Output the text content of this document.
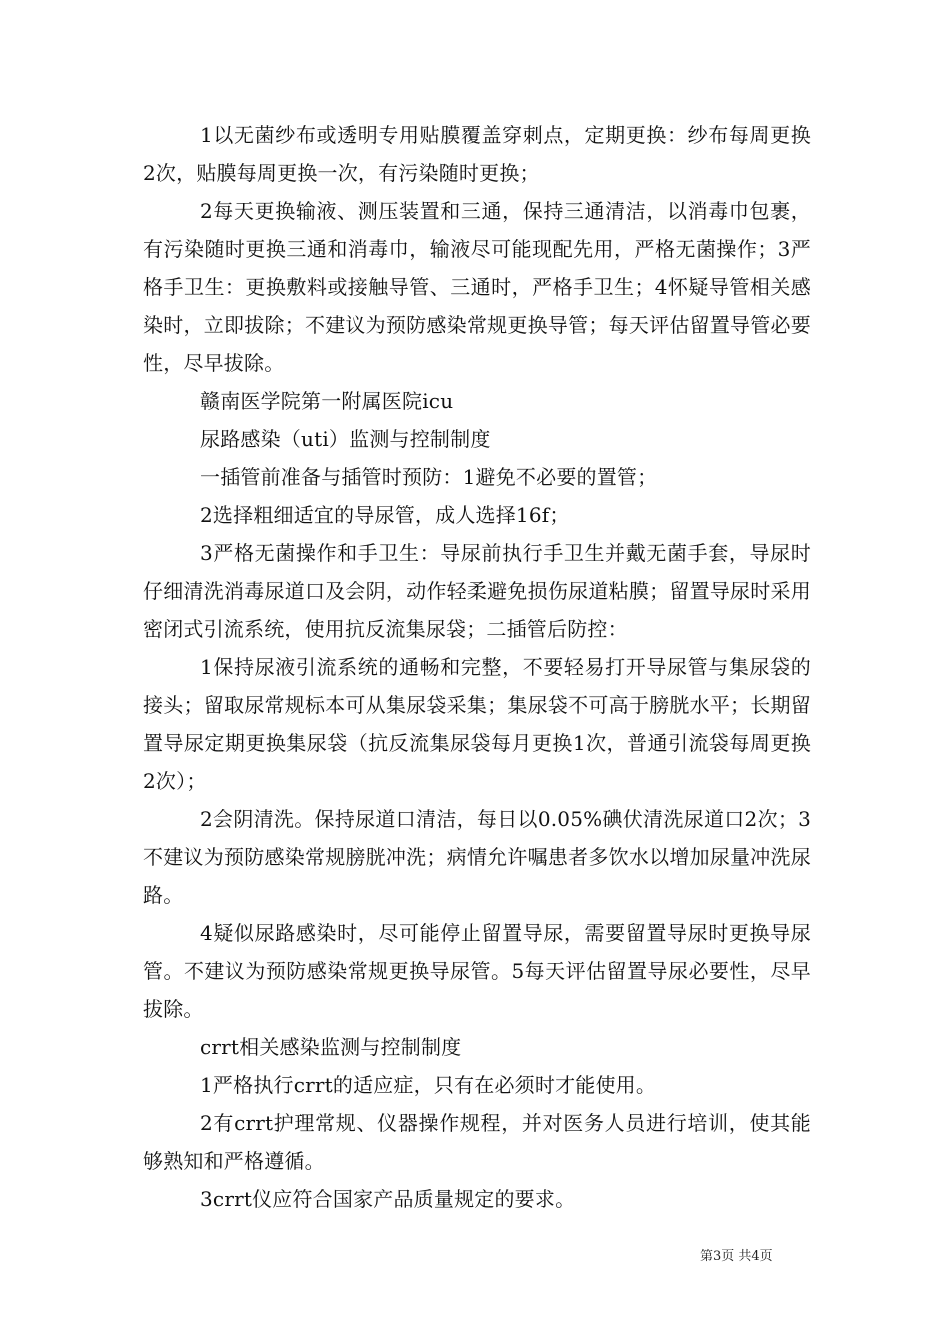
1以无菌纱布或透明专用贴膜覆盖穿刺点，定期更换：纱布每周更换2次，贴膜每周更换一次，有污染随时更换；

2每天更换输液、测压装置和三通，保持三通清洁，以消毒巾包裹，有污染随时更换三通和消毒巾，输液尽可能现配先用，严格无菌操作；3严格手卫生：更换敷料或接触导管、三通时，严格手卫生；4怀疑导管相关感染时，立即拔除；不建议为预防感染常规更换导管；每天评估留置导管必要性，尽早拔除。

赣南医学院第一附属医院icu

尿路感染（uti）监测与控制制度

一插管前准备与插管时预防：1避免不必要的置管；

2选择粗细适宜的导尿管，成人选择16f；

3严格无菌操作和手卫生：导尿前执行手卫生并戴无菌手套，导尿时仔细清洗消毒尿道口及会阴，动作轻柔避免损伤尿道粘膜；留置导尿时采用密闭式引流系统，使用抗反流集尿袋；二插管后防控：

1保持尿液引流系统的通畅和完整，不要轻易打开导尿管与集尿袋的接头；留取尿常规标本可从集尿袋采集；集尿袋不可高于膀胱水平；长期留置导尿定期更换集尿袋（抗反流集尿袋每月更换1次，普通引流袋每周更换2次）；

2会阴清洗。保持尿道口清洁，每日以0.05%碘伏清洗尿道口2次；3不建议为预防感染常规膀胱冲洗；病情允许嘱患者多饮水以增加尿量冲洗尿路。

4疑似尿路感染时，尽可能停止留置导尿，需要留置导尿时更换导尿管。不建议为预防感染常规更换导尿管。5每天评估留置导尿必要性，尽早拔除。

crrt相关感染监测与控制制度

1严格执行crrt的适应症，只有在必须时才能使用。

2有crrt护理常规、仪器操作规程，并对医务人员进行培训，使其能够熟知和严格遵循。

3crrt仪应符合国家产品质量规定的要求。

第3页 共4页
